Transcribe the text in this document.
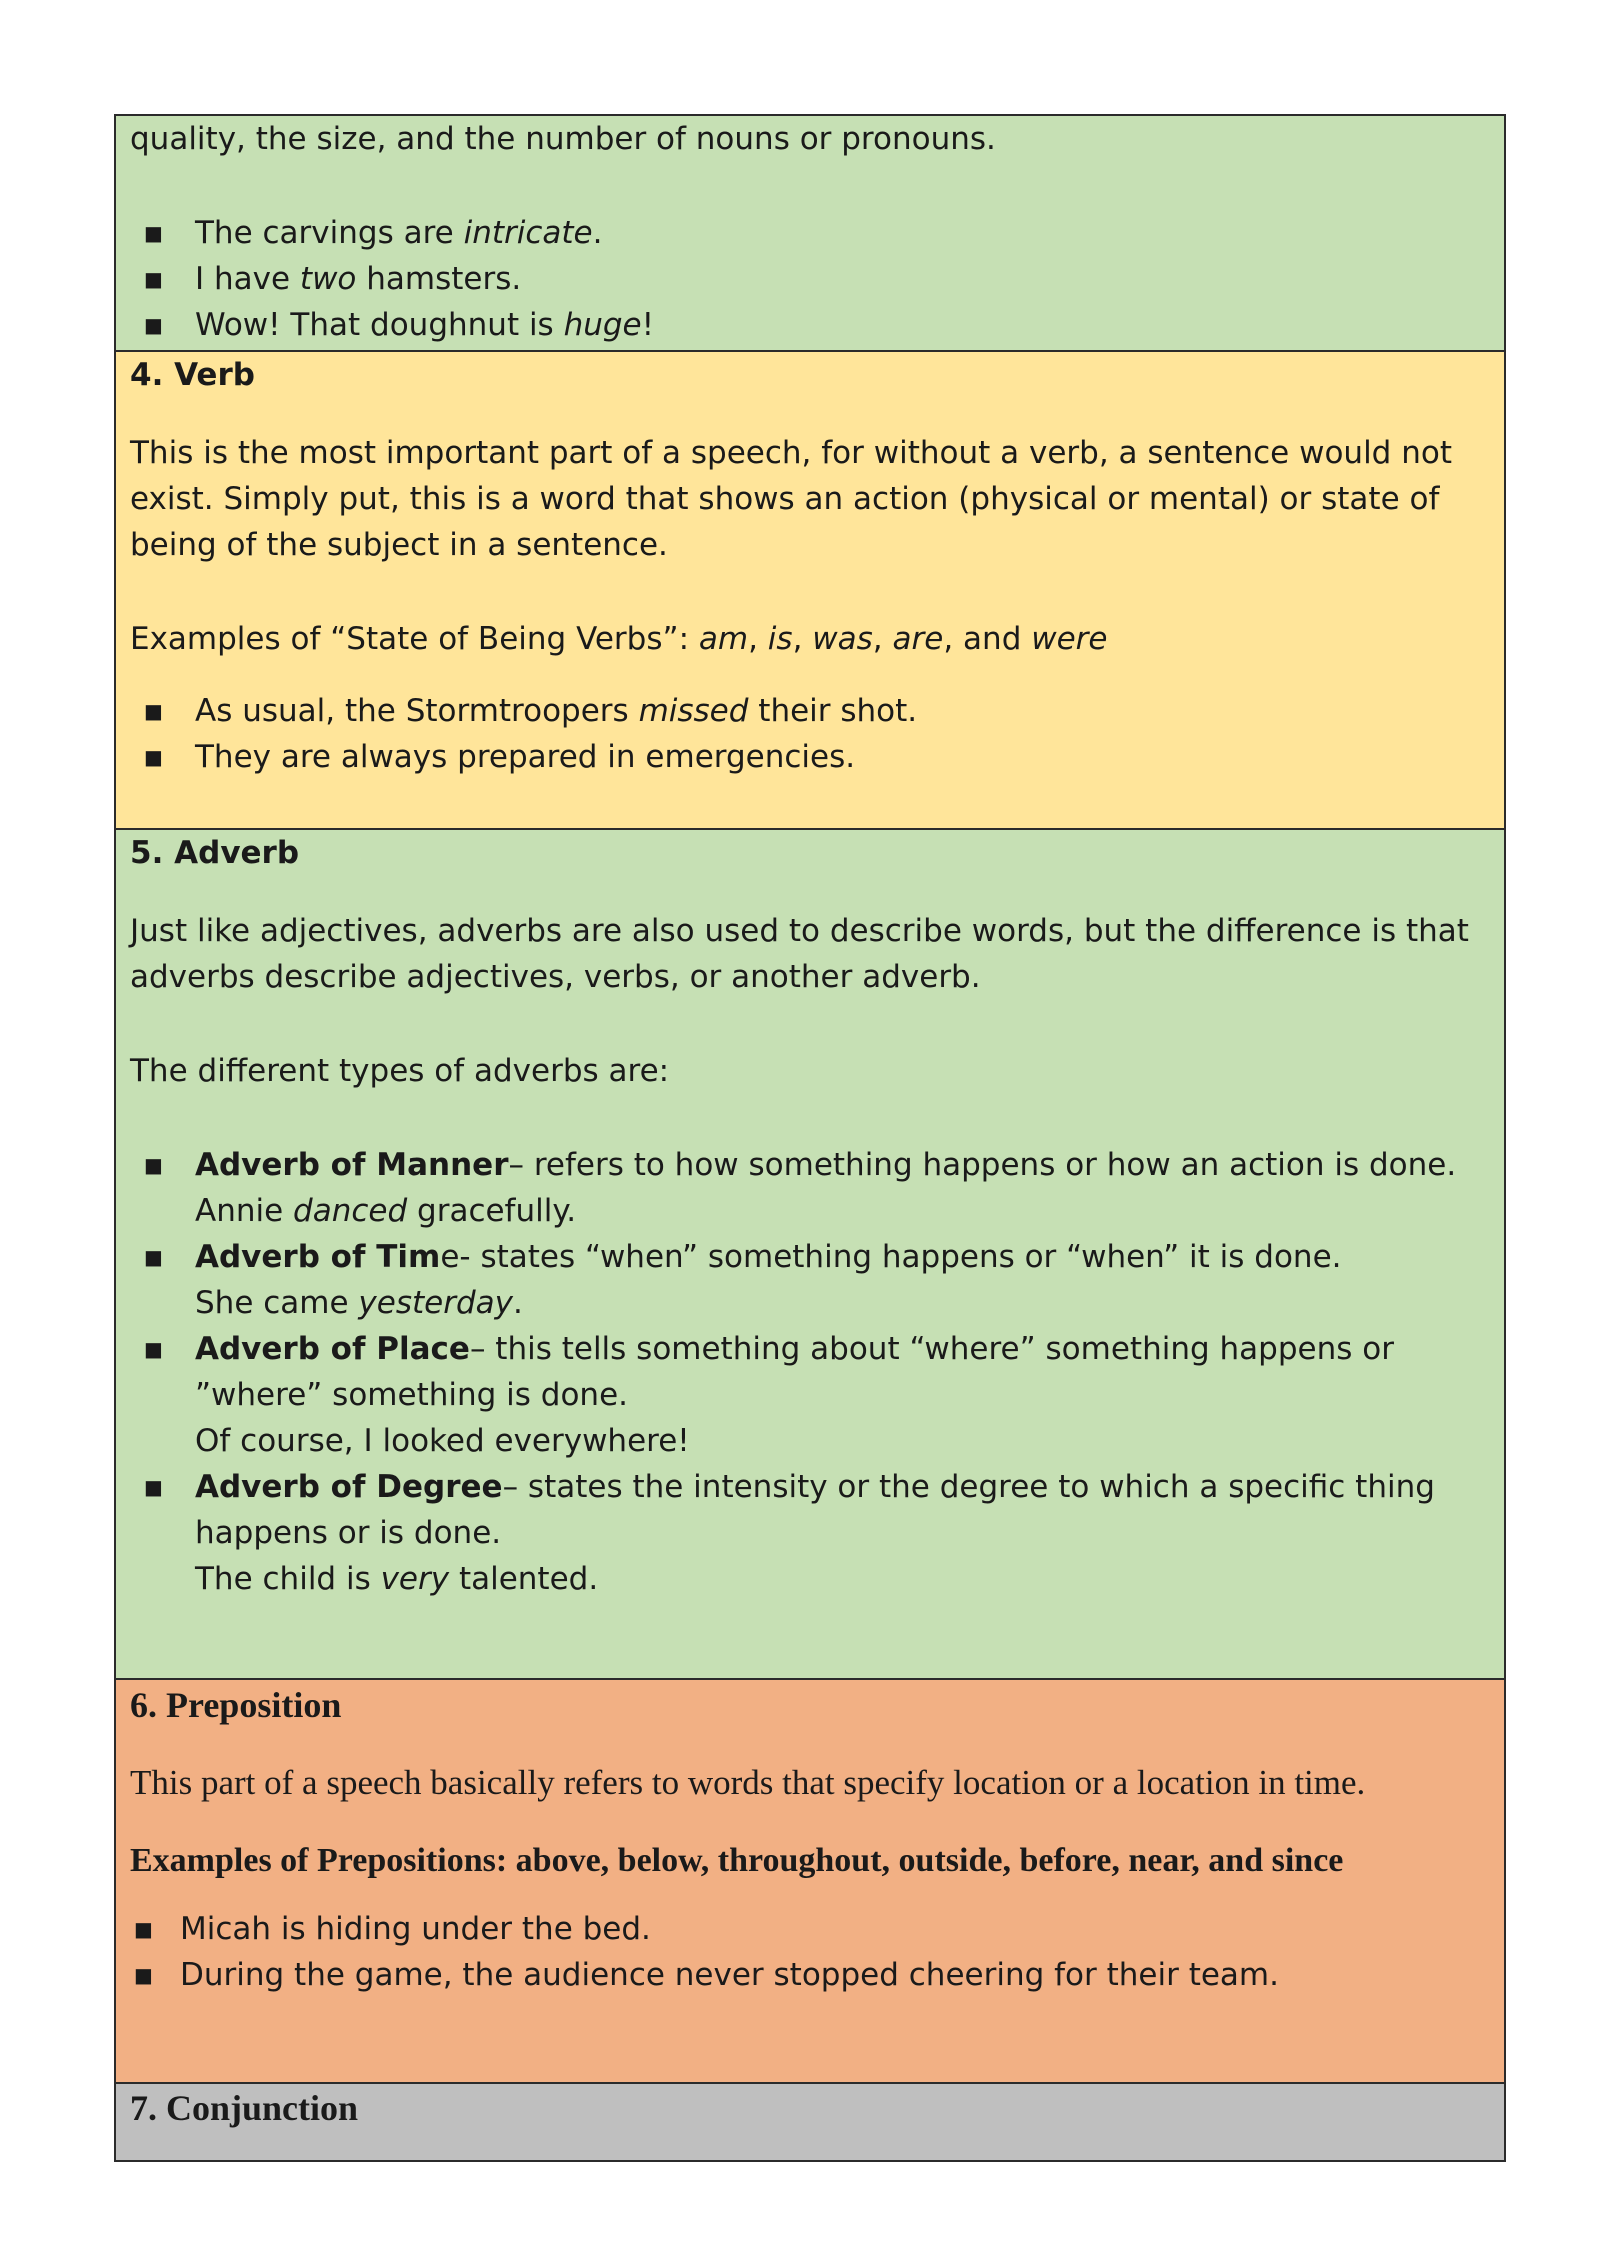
quality, the size, and the number of nouns or pronouns.

■ The carvings are intricate.
■ I have two hamsters.
■ Wow! That doughnut is huge!

4. Verb

This is the most important part of a speech, for without a verb, a sentence would not exist. Simply put, this is a word that shows an action (physical or mental) or state of being of the subject in a sentence.

Examples of “State of Being Verbs”: am, is, was, are, and were

■ As usual, the Stormtroopers missed their shot.
■ They are always prepared in emergencies.

5. Adverb

Just like adjectives, adverbs are also used to describe words, but the difference is that adverbs describe adjectives, verbs, or another adverb.

The different types of adverbs are:

■ Adverb of Manner– refers to how something happens or how an action is done.
Annie danced gracefully.
■ Adverb of Time- states “when” something happens or “when” it is done.
She came yesterday.
■ Adverb of Place– this tells something about “where” something happens or ”where” something is done.
Of course, I looked everywhere!
■ Adverb of Degree– states the intensity or the degree to which a specific thing happens or is done.
The child is very talented.

6. Preposition

This part of a speech basically refers to words that specify location or a location in time.

Examples of Prepositions: above, below, throughout, outside, before, near, and since

■ Micah is hiding under the bed.
■ During the game, the audience never stopped cheering for their team.

7. Conjunction
